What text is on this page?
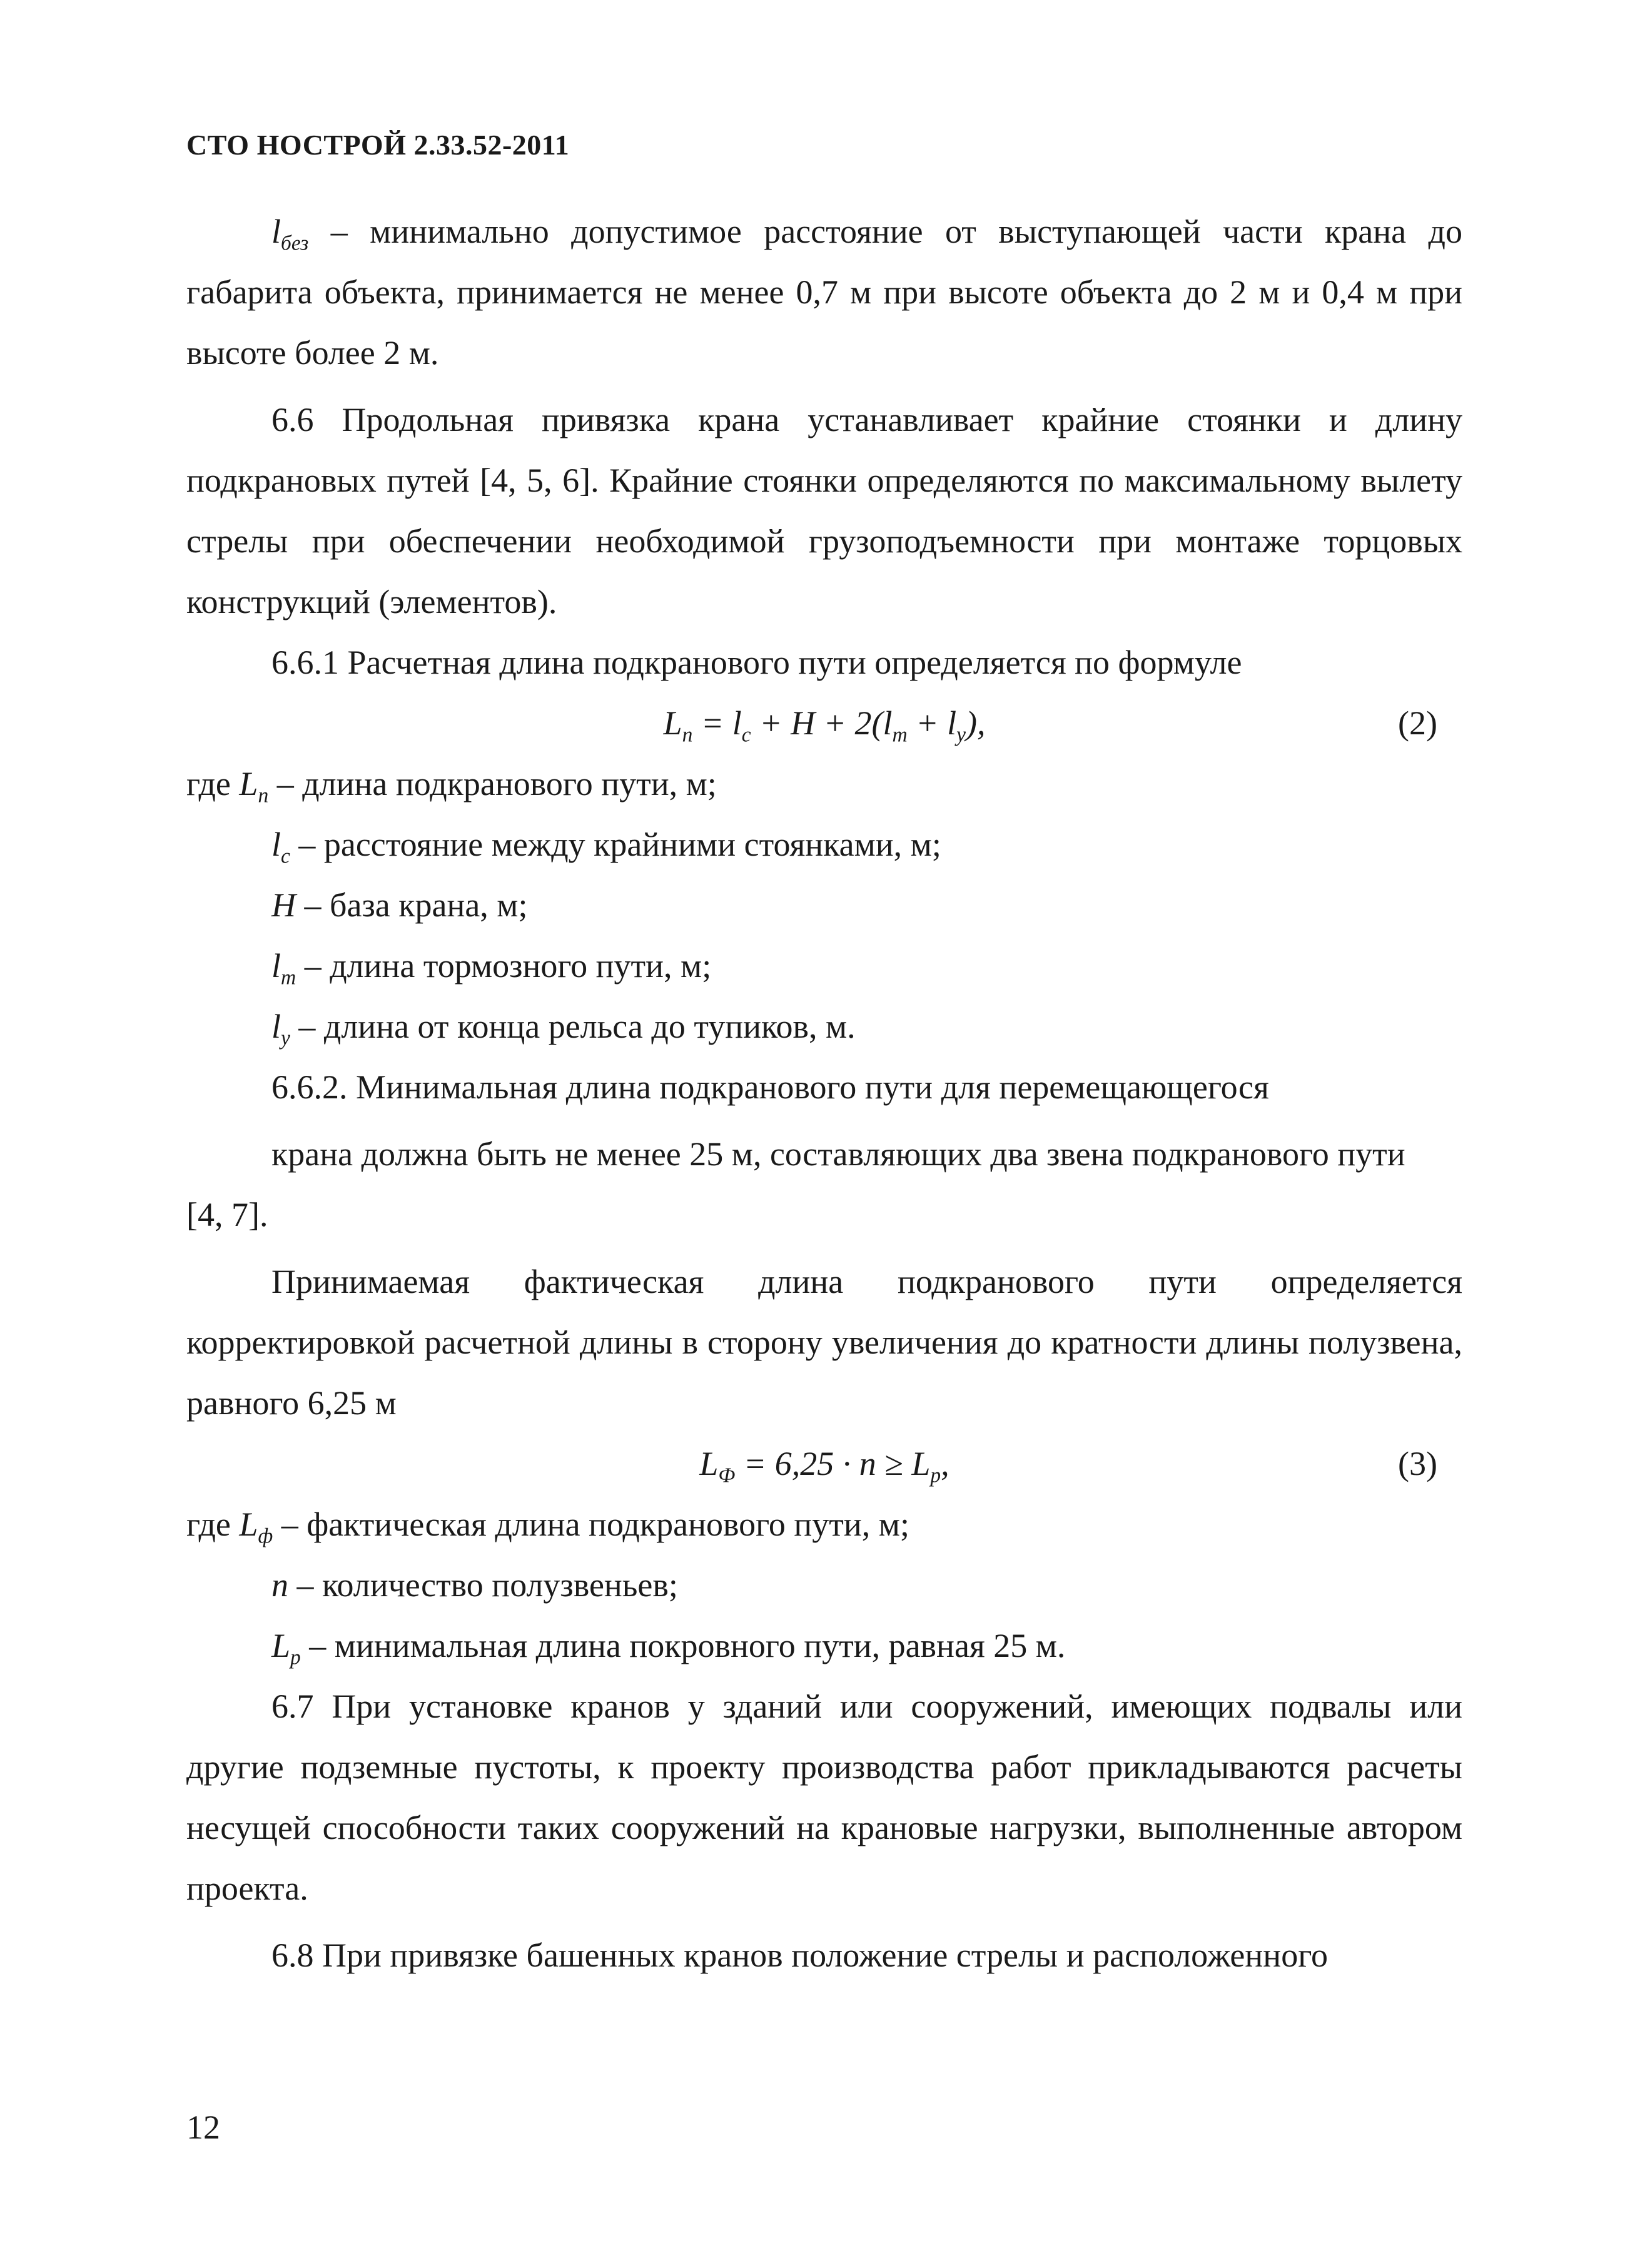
СТО НОСТРОЙ 2.33.52-2011

$l_{без}$ – минимально допустимое расстояние от выступающей части крана до габарита объекта, принимается не менее 0,7 м при высоте объекта до 2 м и 0,4 м при высоте более 2 м.

6.6 Продольная привязка крана устанавливает крайние стоянки и длину подкрановых путей [4, 5, 6]. Крайние стоянки определяются по максимальному вылету стрелы при обеспечении необходимой грузоподъемности при монтаже торцовых конструкций (элементов).

6.6.1 Расчетная длина подкранового пути определяется по формуле

$L_п = l_с + H + 2(l_т + l_у)$,	(2)

где $L_п$ – длина подкранового пути, м;

$l_с$ – расстояние между крайними стоянками, м;

H – база крана, м;

$l_т$ – длина тормозного пути, м;

$l_у$ – длина от конца рельса до тупиков, м.

6.6.2. Минимальная длина подкранового пути для перемещающегося

крана должна быть не менее 25 м, составляющих два звена подкранового пути

[4, 7].

Принимаемая фактическая длина подкранового пути определяется корректировкой расчетной длины в сторону увеличения до кратности длины полузвена, равного 6,25 м

$L_Ф = 6,25 \cdot n \ge L_р$,	(3)

где $L_ф$ – фактическая длина подкранового пути, м;

n – количество полузвеньев;

$L_р$ – минимальная длина покровного пути, равная 25 м.

6.7 При установке кранов у зданий или сооружений, имеющих подвалы или другие подземные пустоты, к проекту производства работ прикладываются расчеты несущей способности таких сооружений на крановые нагрузки, выполненные автором проекта.

6.8 При привязке башенных кранов положение стрелы и расположенного

12
